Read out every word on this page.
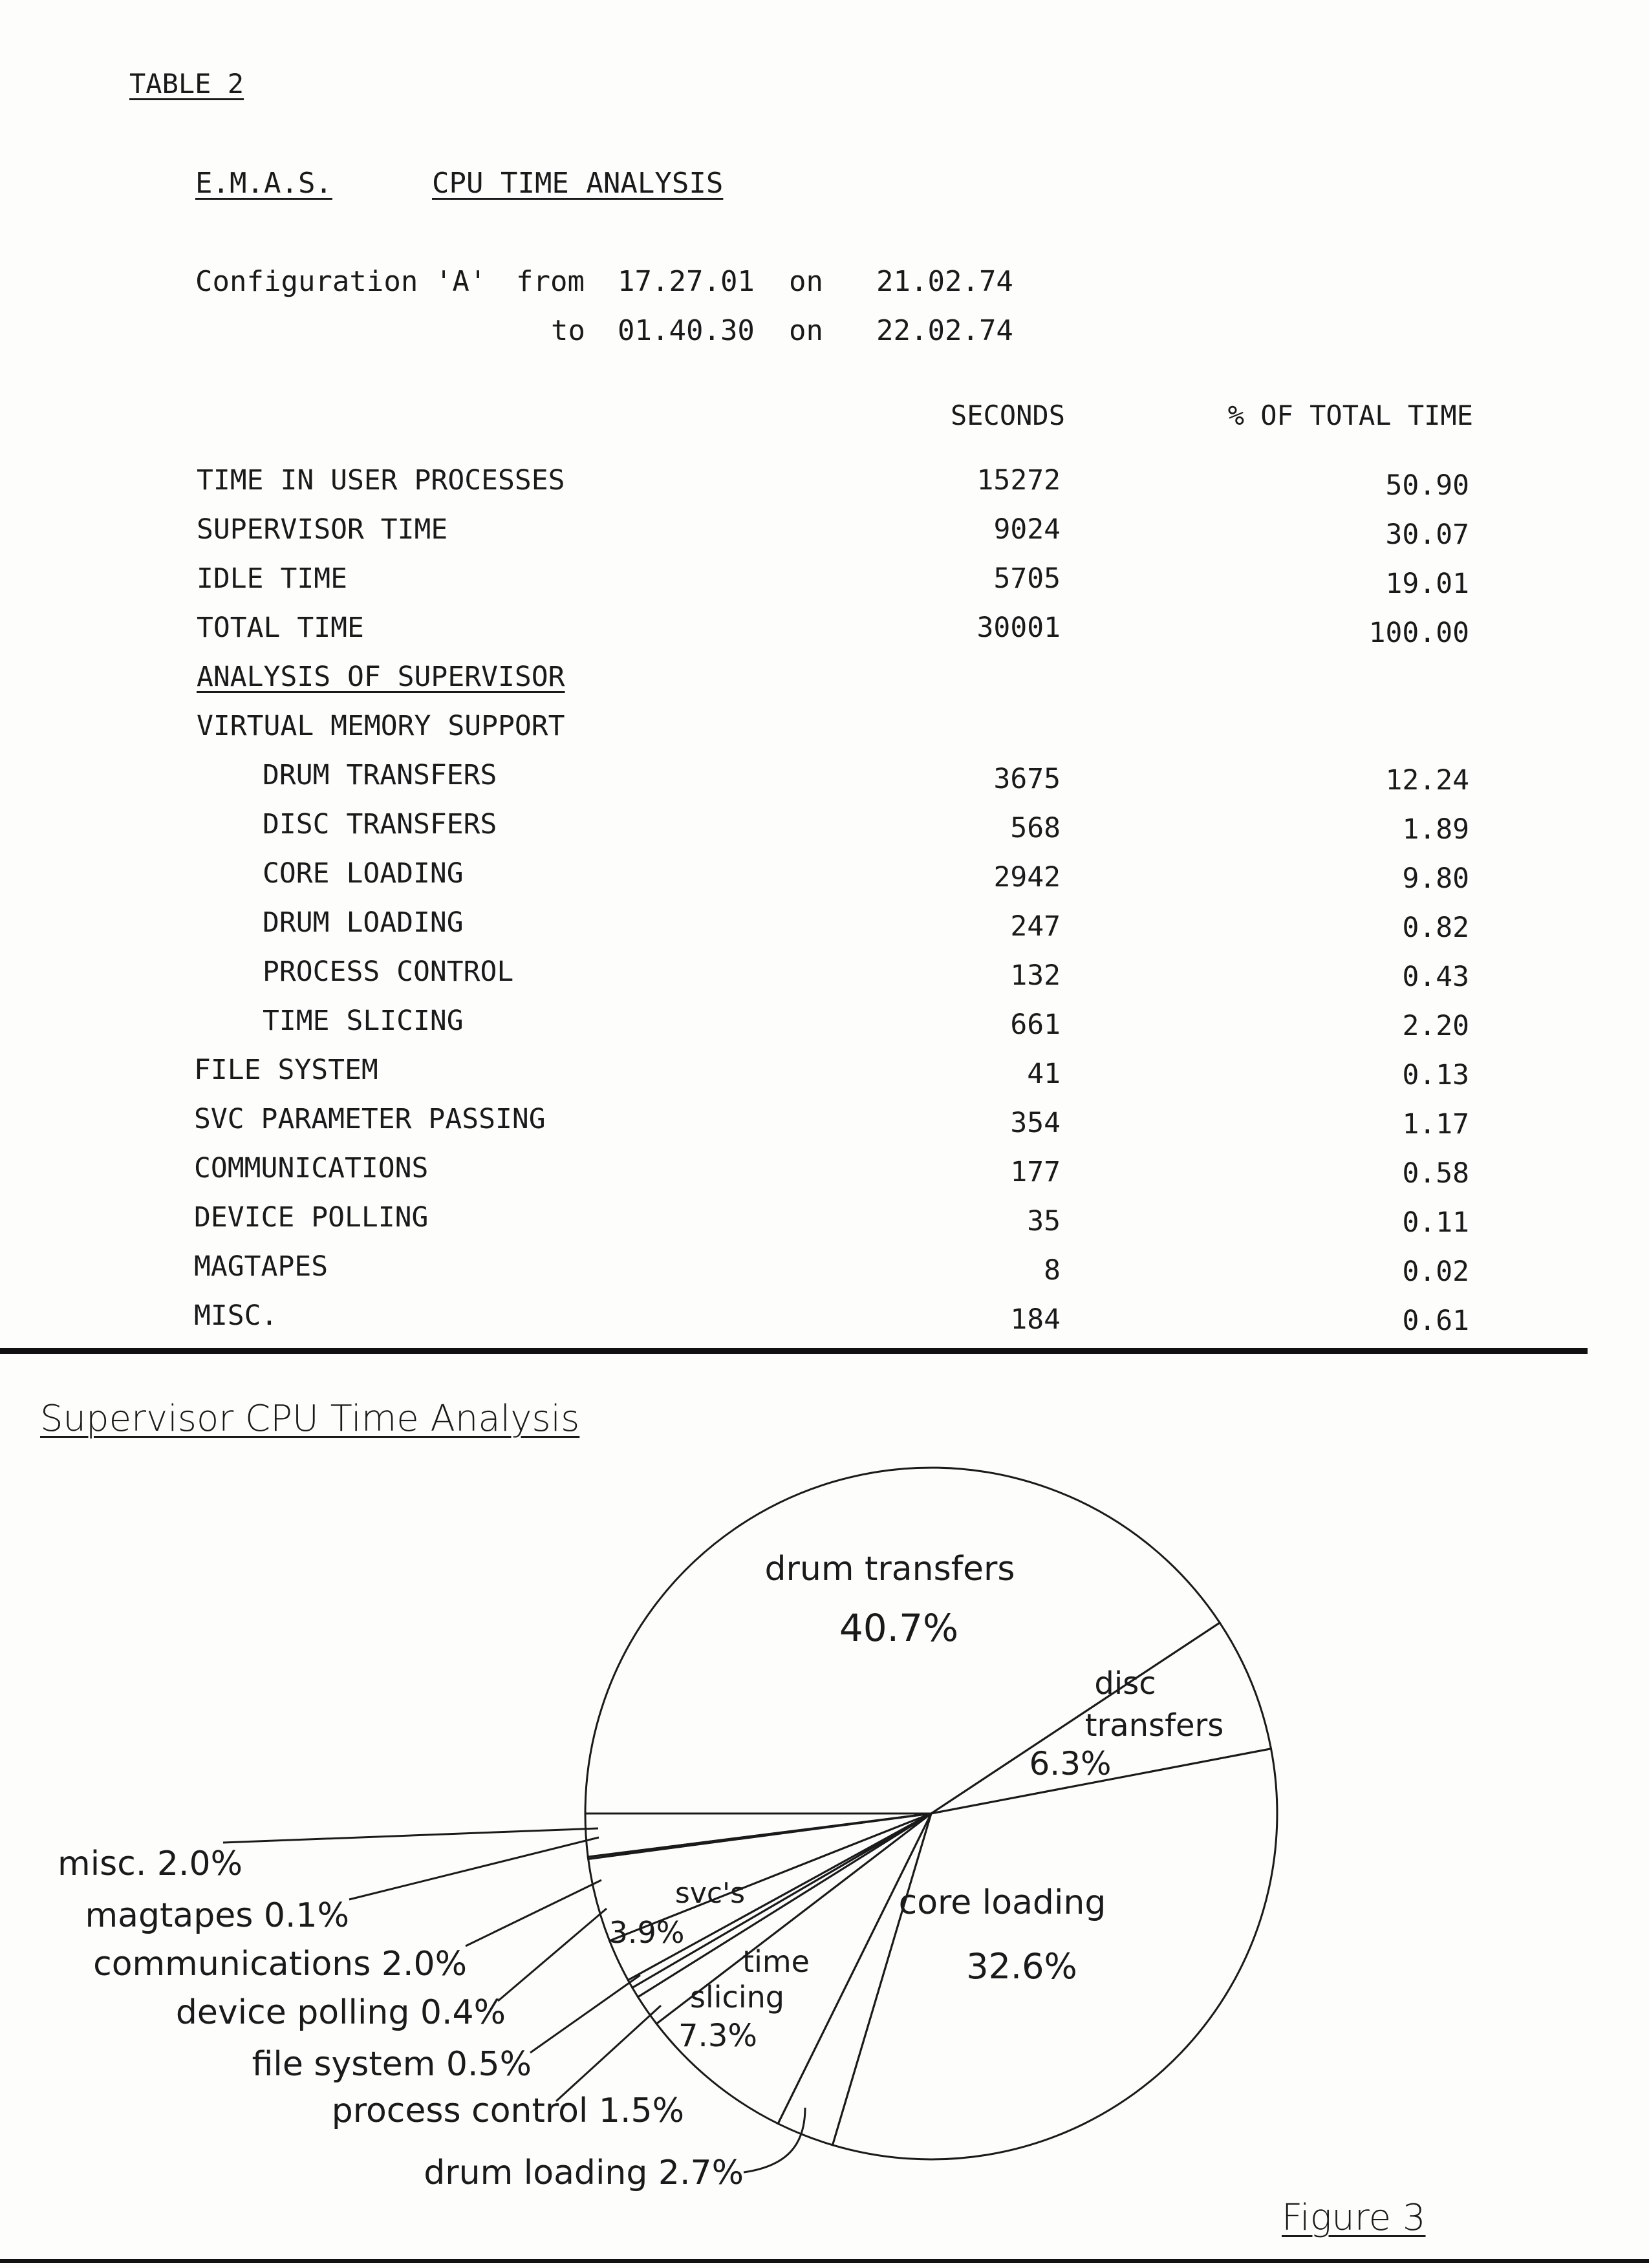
TABLE 2
E.M.A.S.	CPU TIME ANALYSIS
Configuration 'A' from 17.27.01 on 21.02.74
to 01.40.30 on 22.02.74
SECONDS	% OF TOTAL TIME
TIME IN USER PROCESSES	15272	50.90
SUPERVISOR TIME	9024	30.07
IDLE TIME	5705	19.01
TOTAL TIME	30001	100.00
ANALYSIS OF SUPERVISOR
VIRTUAL MEMORY SUPPORT
DRUM TRANSFERS	3675	12.24
DISC TRANSFERS	568	1.89
CORE LOADING	2942	9.80
DRUM LOADING	247	0.82
PROCESS CONTROL	132	0.43
TIME SLICING	661	2.20
FILE SYSTEM	41	0.13
SVC PARAMETER PASSING	354	1.17
COMMUNICATIONS	177	0.58
DEVICE POLLING	35	0.11
MAGTAPES	8	0.02
MISC.	184	0.61
Supervisor CPU Time Analysis
drum transfers
40.7%
disc
transfers
6.3%
core loading
32.6%
svc's
3.9%
time
slicing
7.3%
misc. 2.0%
magtapes 0.1%
communications 2.0%
device polling 0.4%
file system 0.5%
process control 1.5%
drum loading 2.7%
Figure 3
